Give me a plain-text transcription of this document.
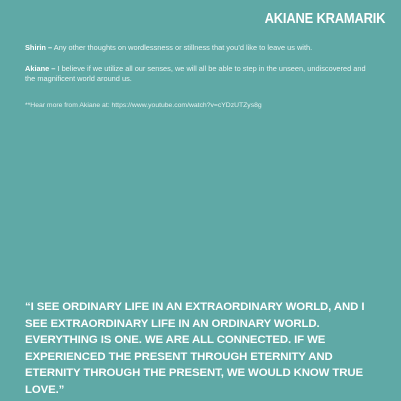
AKIANE KRAMARIK

Shirin – Any other thoughts on wordlessness or stillness that you’d like to leave us with.

Akiane – I believe if we utilize all our senses, we will all be able to step in the unseen, undiscovered and the magnificent world around us.

**Hear more from Akiane at: https://www.youtube.com/watch?v=cYDzUTZys8g

“I SEE ORDINARY LIFE IN AN EXTRAORDINARY WORLD, AND I SEE EXTRAORDINARY LIFE IN AN ORDINARY WORLD. EVERYTHING IS ONE. WE ARE ALL CONNECTED. IF WE EXPERIENCED THE PRESENT THROUGH ETERNITY AND ETERNITY THROUGH THE PRESENT, WE WOULD KNOW TRUE LOVE.”
